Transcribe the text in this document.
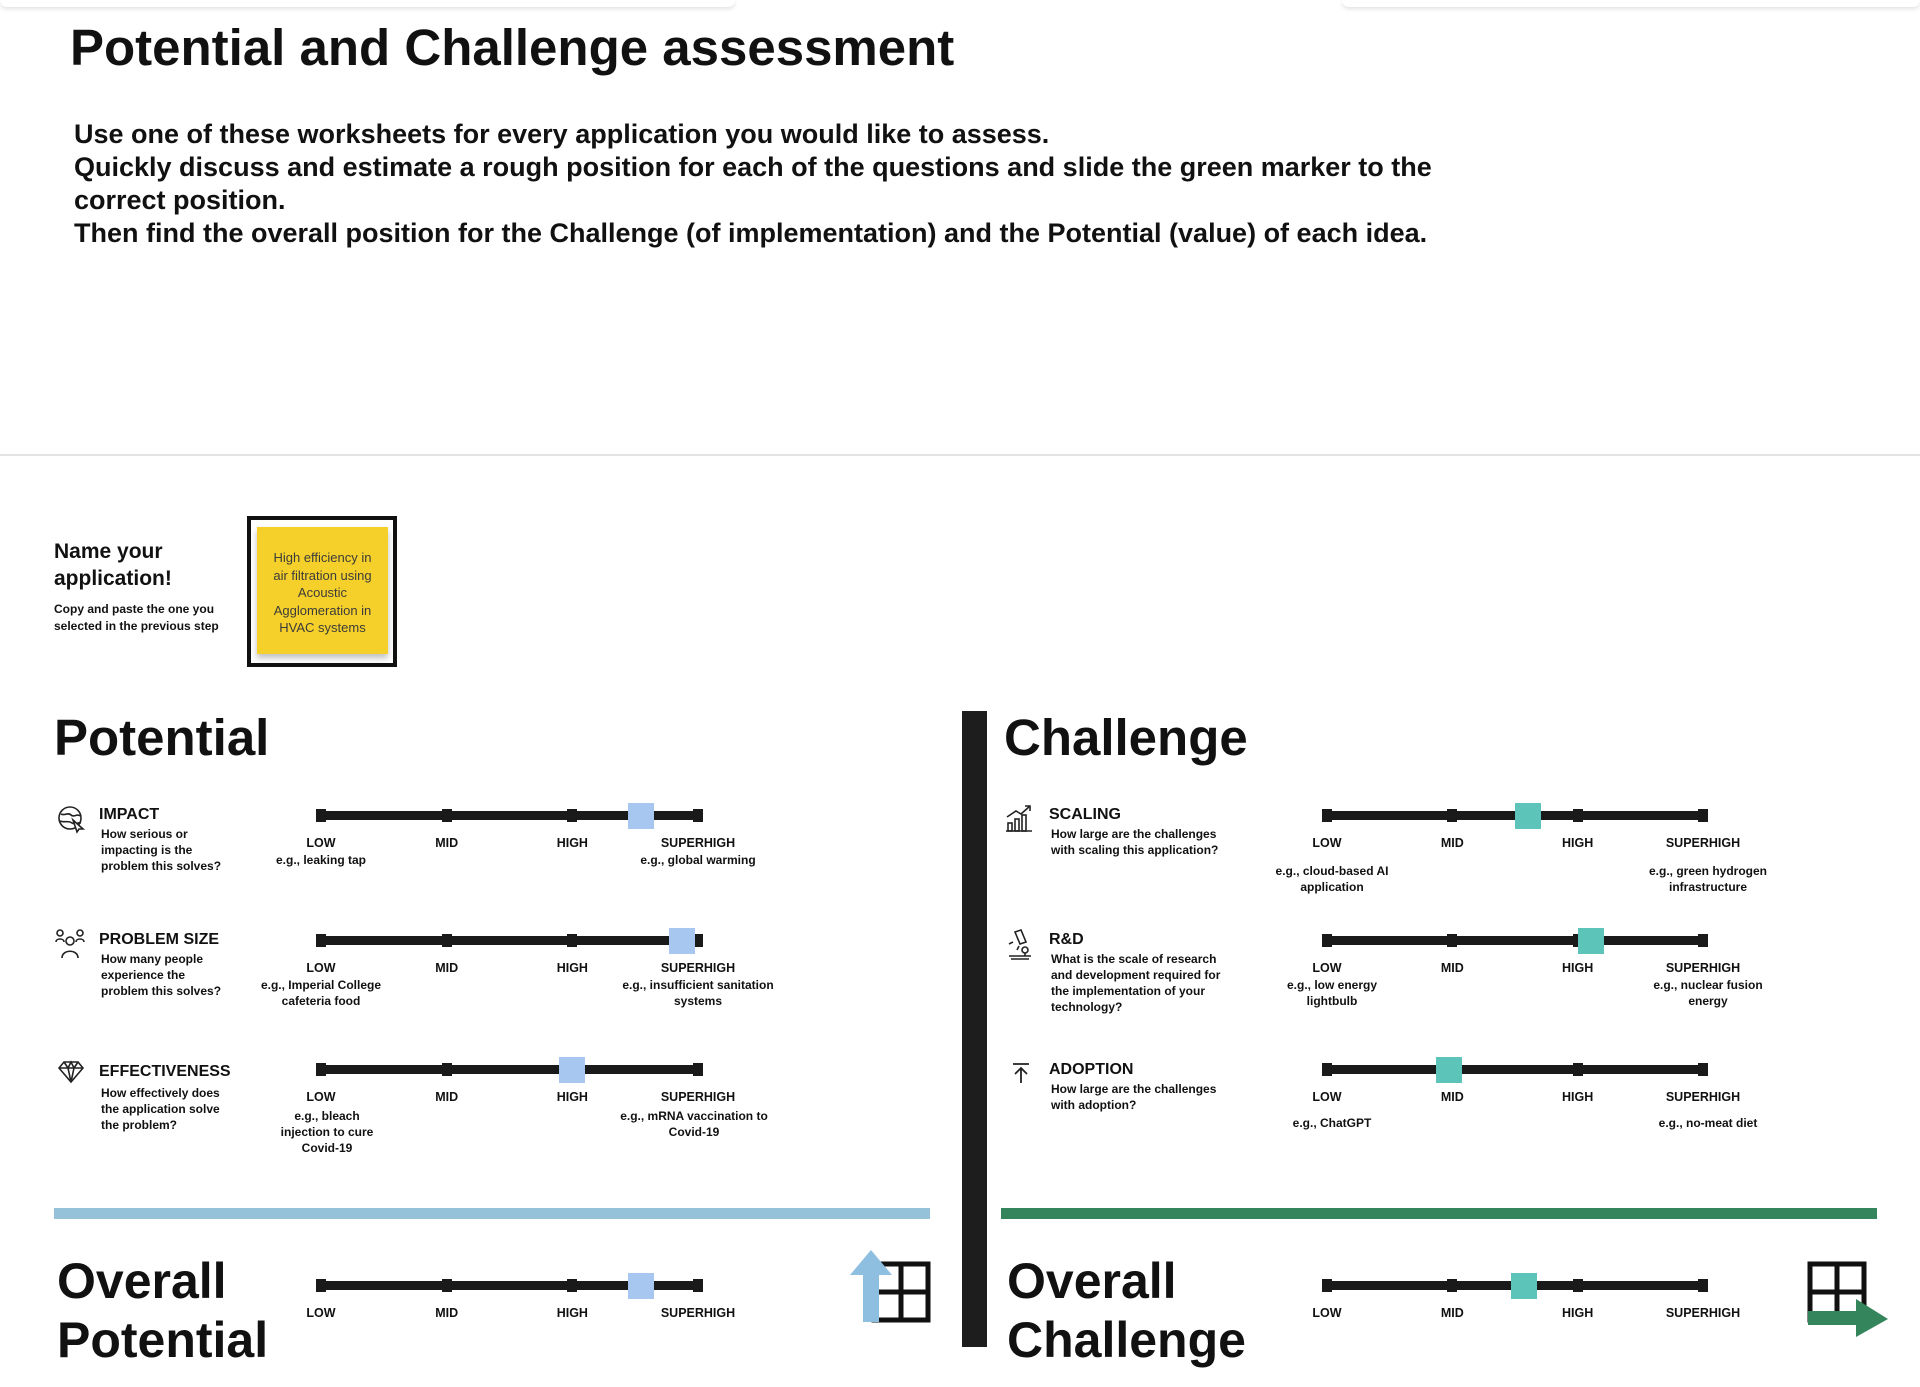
Potential and Challenge assessment
Use one of these worksheets for every application you would like to assess.
Quickly discuss and estimate a rough position for each of the questions and slide the green marker to the
correct position.
Then find the overall position for the Challenge (of implementation) and the Potential (value) of each idea.
Name your application!
Copy and paste the one you selected in the previous step
High efficiency in air filtration using Acoustic Agglomeration in HVAC systems
Potential	Challenge
IMPACT
How serious or impacting is the problem this solves?
PROBLEM SIZE
How many people experience the problem this solves?
EFFECTIVENESS
How effectively does the application solve the problem?
SCALING
How large are the challenges with scaling this application?
R&D
What is the scale of research and development required for the implementation of your technology?
ADOPTION
How large are the challenges with adoption?
LOW	MID	HIGH	SUPERHIGH
e.g., leaking tap	e.g., global warming
LOW	MID	HIGH	SUPERHIGH
e.g., Imperial College cafeteria food
e.g., insufficient sanitation systems
LOW	MID	HIGH	SUPERHIGH
e.g., bleach injection to cure Covid-19
e.g., mRNA vaccination to Covid-19
LOW	MID	HIGH	SUPERHIGH
e.g., cloud-based AI application
e.g., green hydrogen infrastructure
LOW	MID	HIGH	SUPERHIGH
e.g., low energy lightbulb
e.g., nuclear fusion energy
LOW	MID	HIGH	SUPERHIGH
e.g., ChatGPT	e.g., no-meat diet
LOW	MID	HIGH	SUPERHIGH	LOW	MID	HIGH	SUPERHIGH
Overall
Potential
Overall
Challenge
